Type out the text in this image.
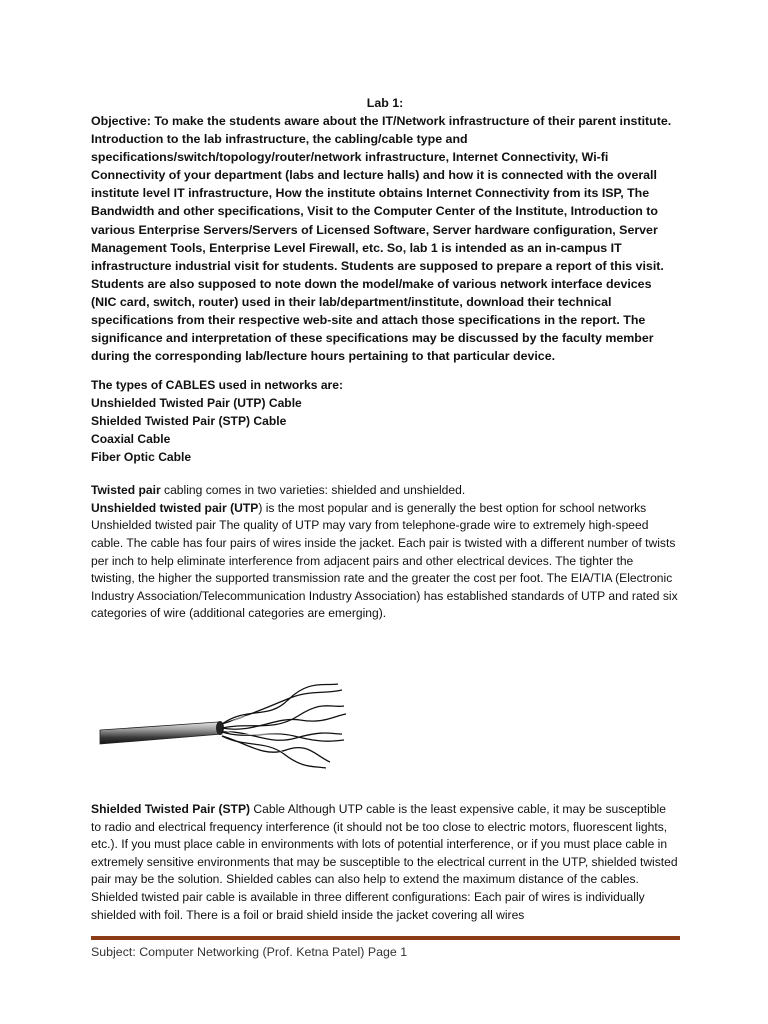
Lab 1:

Objective: To make the students aware about the IT/Network infrastructure of their parent institute. Introduction to the lab infrastructure, the cabling/cable type and specifications/switch/topology/router/network infrastructure, Internet Connectivity, Wi-fi Connectivity of your department (labs and lecture halls) and how it is connected with the overall institute level IT infrastructure, How the institute obtains Internet Connectivity from its ISP, The Bandwidth and other specifications, Visit to the Computer Center of the Institute, Introduction to various Enterprise Servers/Servers of Licensed Software, Server hardware configuration, Server Management Tools, Enterprise Level Firewall, etc. So, lab 1 is intended as an in-campus IT infrastructure industrial visit for students. Students are supposed to prepare a report of this visit. Students are also supposed to note down the model/make of various network interface devices (NIC card, switch, router) used in their lab/department/institute, download their technical specifications from their respective web-site and attach those specifications in the report. The significance and interpretation of these specifications may be discussed by the faculty member during the corresponding lab/lecture hours pertaining to that particular device.

The types of CABLES used in networks are:

Unshielded Twisted Pair (UTP) Cable

Shielded Twisted Pair (STP) Cable

Coaxial Cable

Fiber Optic Cable

Twisted pair cabling comes in two varieties: shielded and unshielded.

Unshielded twisted pair (UTP) is the most popular and is generally the best option for school networks Unshielded twisted pair The quality of UTP may vary from telephone-grade wire to extremely high-speed cable. The cable has four pairs of wires inside the jacket. Each pair is twisted with a different number of twists per inch to help eliminate interference from adjacent pairs and other electrical devices. The tighter the twisting, the higher the supported transmission rate and the greater the cost per foot. The EIA/TIA (Electronic Industry Association/Telecommunication Industry Association) has established standards of UTP and rated six categories of wire (additional categories are emerging).

Shielded Twisted Pair (STP) Cable Although UTP cable is the least expensive cable, it may be susceptible to radio and electrical frequency interference (it should not be too close to electric motors, fluorescent lights, etc.). If you must place cable in environments with lots of potential interference, or if you must place cable in extremely sensitive environments that may be susceptible to the electrical current in the UTP, shielded twisted pair may be the solution. Shielded cables can also help to extend the maximum distance of the cables. Shielded twisted pair cable is available in three different configurations: Each pair of wires is individually shielded with foil. There is a foil or braid shield inside the jacket covering all wires

Subject: Computer Networking (Prof. Ketna Patel) Page 1
